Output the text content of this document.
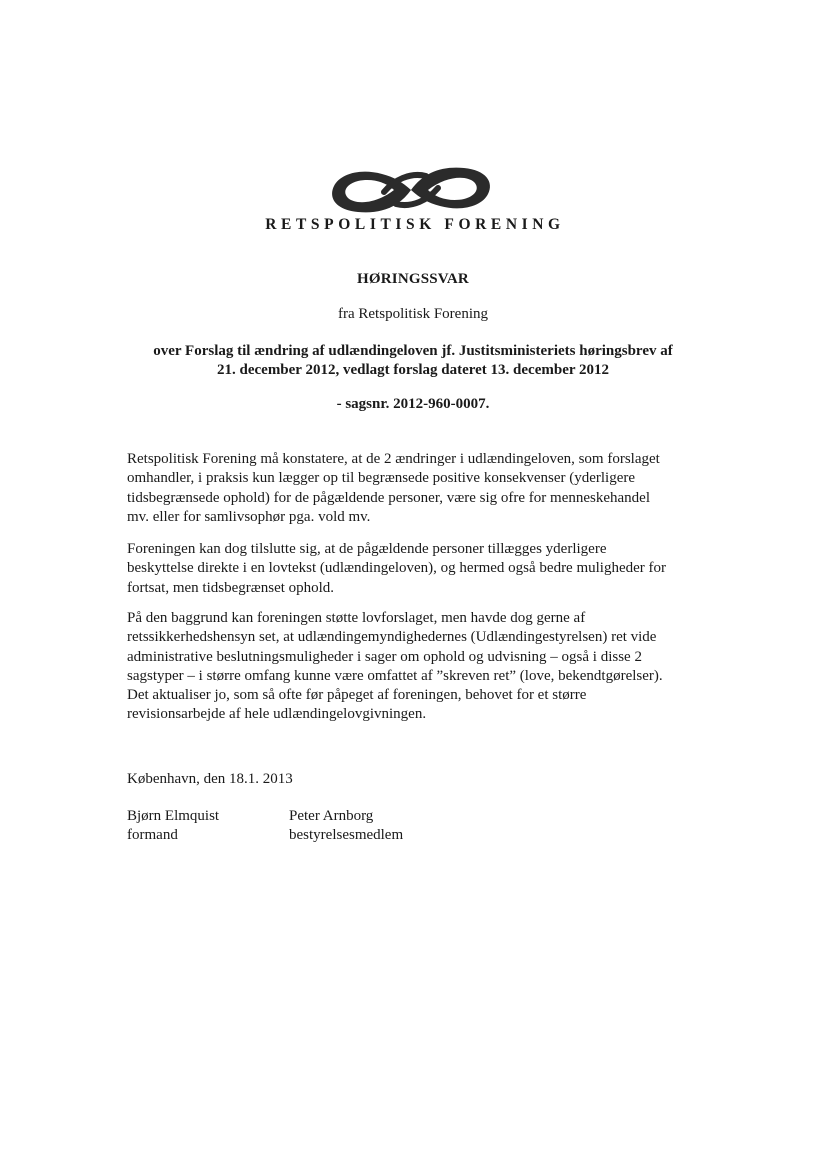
RETSPOLITISK FORENING
HØRINGSSVAR
fra Retspolitisk Forening
over Forslag til ændring af udlændingeloven jf. Justitsministeriets høringsbrev af
21. december 2012, vedlagt forslag dateret 13. december 2012
- sagsnr. 2012-960-0007.
Retspolitisk Forening må konstatere, at de 2 ændringer i udlændingeloven, som forslaget
omhandler, i praksis kun lægger op til begrænsede positive konsekvenser (yderligere
tidsbegrænsede ophold) for de pågældende personer, være sig ofre for menneskehandel
mv. eller for samlivsophør pga. vold mv.
Foreningen kan dog tilslutte sig, at de pågældende personer tillægges yderligere
beskyttelse direkte i en lovtekst (udlændingeloven), og hermed også bedre muligheder for
fortsat, men tidsbegrænset ophold.
På den baggrund kan foreningen støtte lovforslaget, men havde dog gerne af
retssikkerhedshensyn set, at udlændingemyndighedernes (Udlændingestyrelsen) ret vide
administrative beslutningsmuligheder i sager om ophold og udvisning – også i disse 2
sagstyper – i større omfang kunne være omfattet af ”skreven ret” (love, bekendtgørelser).
Det aktualiser jo, som så ofte før påpeget af foreningen, behovet for et større
revisionsarbejde af hele udlændingelovgivningen.
København, den 18.1. 2013
Bjørn Elmquist
formand
Peter Arnborg
bestyrelsesmedlem
